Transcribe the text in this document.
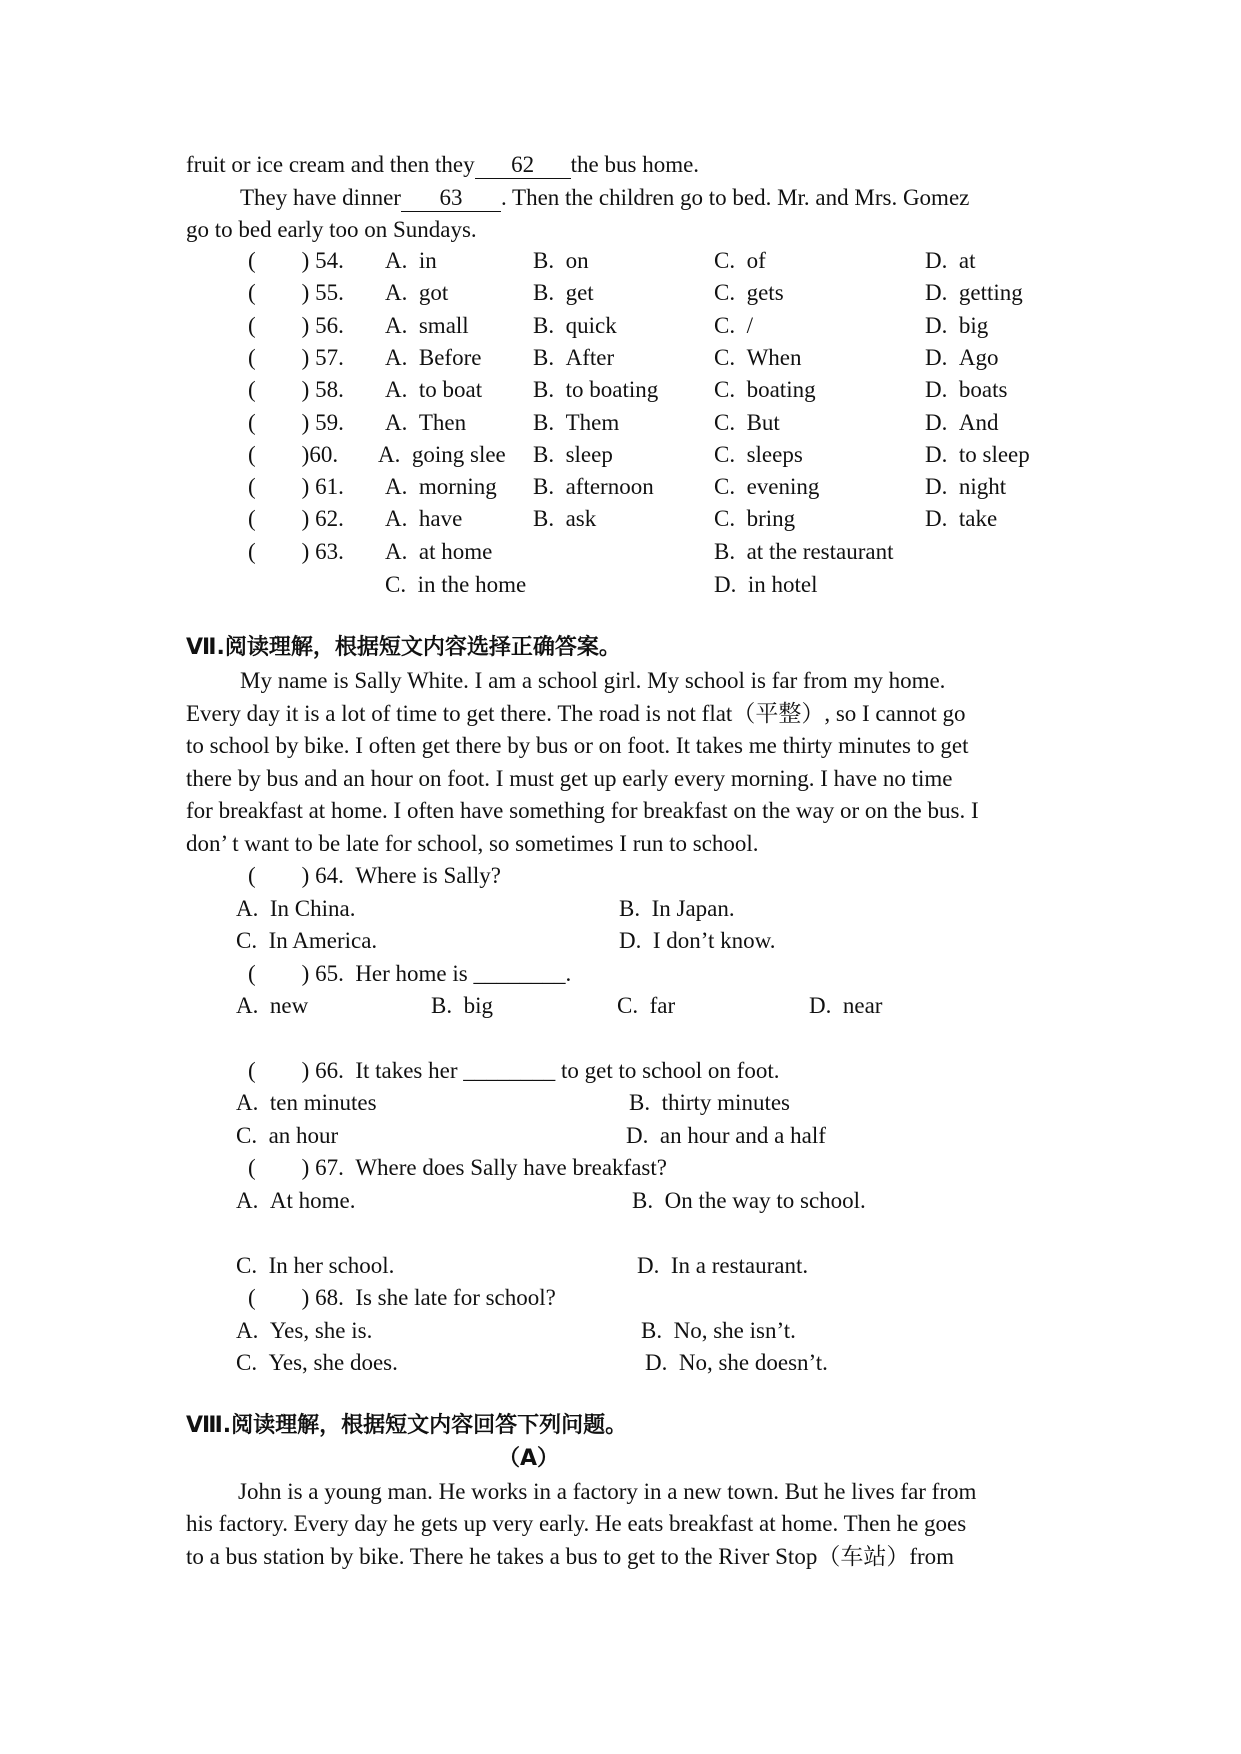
fruit or ice cream and then they 62 the bus home.
They have dinner 63 . Then the children go to bed. Mr. and Mrs. Gomez
go to bed early too on Sundays.
(　　) 54. A. in	B. on	C. of	D. at
(　　) 55. A. got	B. get	C. gets	D. getting
(　　) 56. A. small	B. quick	C. /	D. big
(　　) 57. A. Before B. After	C. When	D. Ago
(　　) 58. A. to boat B. to boating C. boating	D. boats
(　　) 59. A. Then	B. Them	C. But	D. And
(　　)60. A. going slee B. sleep	C. sleeps	D. to sleep
(　　) 61. A. morning B. afternoon	C. evening	D. night
(　　) 62. A. have	B. ask	C. bring	D. take
(　　) 63. A. at home	B. at the restaurant
C. in the home	D. in hotel
Ⅶ.阅读理解，根据短文内容选择正确答案。
My name is Sally White. I am a school girl. My school is far from my home.
Every day it is a lot of time to get there. The road is not flat（平整）, so I cannot go
to school by bike. I often get there by bus or on foot. It takes me thirty minutes to get
there by bus and an hour on foot. I must get up early every morning. I have no time
for breakfast at home. I often have something for breakfast on the way or on the bus. I
don’ t want to be late for school, so sometimes I run to school.
(　　) 64. Where is Sally?
A. In China.	B. In Japan.
C. In America.	D. I don’t know.
(　　) 65. Her home is ________.
A. new	B. big	C. far	D. near
(　　) 66. It takes her ________ to get to school on foot.
A. ten minutes	B. thirty minutes
C. an hour	D. an hour and a half
(　　) 67. Where does Sally have breakfast?
A. At home.	B. On the way to school.
C. In her school.	D. In a restaurant.
(　　) 68. Is she late for school?
A. Yes, she is.	B. No, she isn’t.
C. Yes, she does.	D. No, she doesn’t.
Ⅷ.阅读理解，根据短文内容回答下列问题。
（A）
John is a young man. He works in a factory in a new town. But he lives far from
his factory. Every day he gets up very early. He eats breakfast at home. Then he goes
to a bus station by bike. There he takes a bus to get to the River Stop（车站）from
